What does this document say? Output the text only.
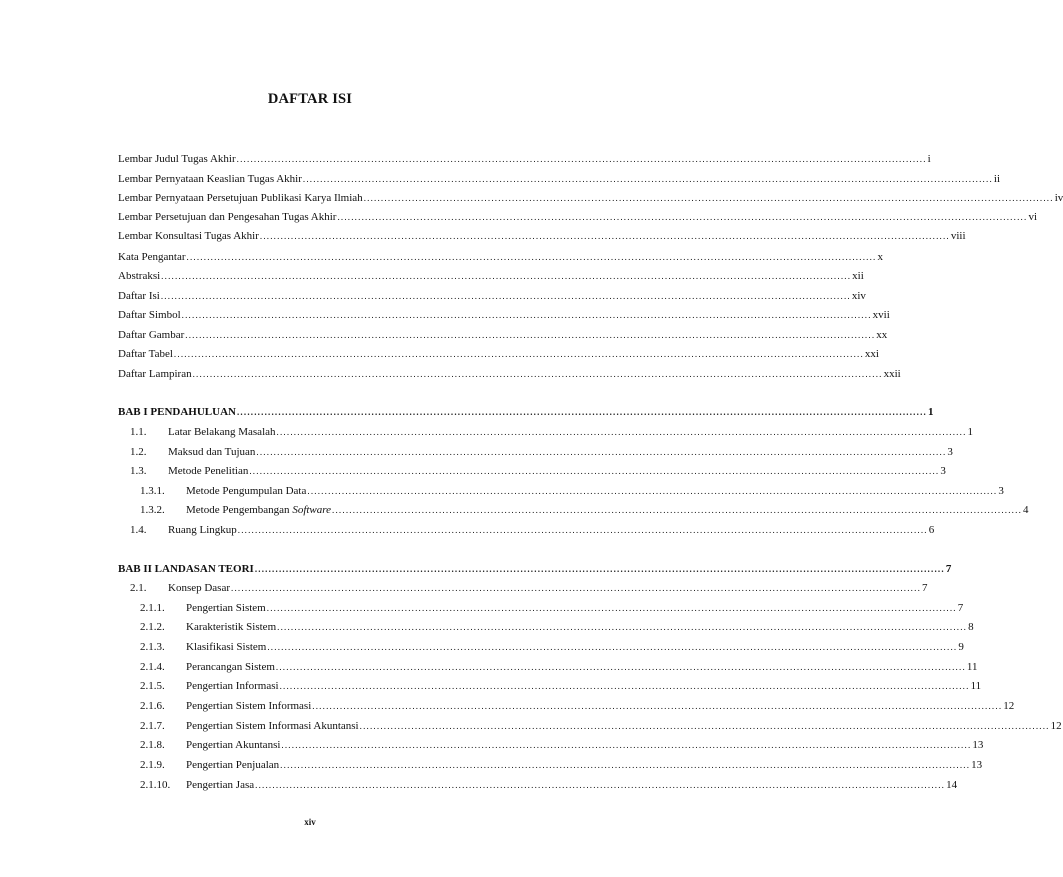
DAFTAR ISI
Lembar Judul Tugas Akhir ........................................................................................................................................................................................................ i
Lembar Pernyataan Keaslian Tugas Akhir ........................................................................................................................................................................................................ ii
Lembar Pernyataan Persetujuan Publikasi Karya Ilmiah ........................................................................................................................................................................................................ iv
Lembar Persetujuan dan Pengesahan Tugas Akhir ........................................................................................................................................................................................................ vi
Lembar Konsultasi Tugas Akhir ........................................................................................................................................................................................................ viii
Kata Pengantar ........................................................................................................................................................................................................ x
Abstraksi ........................................................................................................................................................................................................ xii
Daftar Isi ........................................................................................................................................................................................................ xiv
Daftar Simbol ........................................................................................................................................................................................................ xvii
Daftar Gambar ........................................................................................................................................................................................................ xx
Daftar Tabel ........................................................................................................................................................................................................ xxi
Daftar Lampiran ........................................................................................................................................................................................................ xxii
BAB I PENDAHULUAN ........................................................................................................................................................................................................ 1
1.1.	Latar Belakang Masalah ........................................................................................................................................................................................................ 1
1.2.	Maksud dan Tujuan ........................................................................................................................................................................................................ 3
1.3.	Metode Penelitian ........................................................................................................................................................................................................ 3
1.3.1.	Metode Pengumpulan Data ........................................................................................................................................................................................................ 3
1.3.2.	Metode Pengembangan Software ........................................................................................................................................................................................................ 4
1.4.	Ruang Lingkup ........................................................................................................................................................................................................ 6
BAB II LANDASAN TEORI ........................................................................................................................................................................................................ 7
2.1.	Konsep Dasar ........................................................................................................................................................................................................ 7
2.1.1.	Pengertian Sistem ........................................................................................................................................................................................................ 7
2.1.2.	Karakteristik Sistem ........................................................................................................................................................................................................ 8
2.1.3.	Klasifikasi Sistem ........................................................................................................................................................................................................ 9
2.1.4.	Perancangan Sistem ........................................................................................................................................................................................................ 11
2.1.5.	Pengertian Informasi ........................................................................................................................................................................................................ 11
2.1.6.	Pengertian Sistem Informasi ........................................................................................................................................................................................................ 12
2.1.7.	Pengertian Sistem Informasi Akuntansi ........................................................................................................................................................................................................ 12
2.1.8.	Pengertian Akuntansi ........................................................................................................................................................................................................ 13
2.1.9.	Pengertian Penjualan ........................................................................................................................................................................................................ 13
2.1.10.	Pengertian Jasa ........................................................................................................................................................................................................ 14
xiv
